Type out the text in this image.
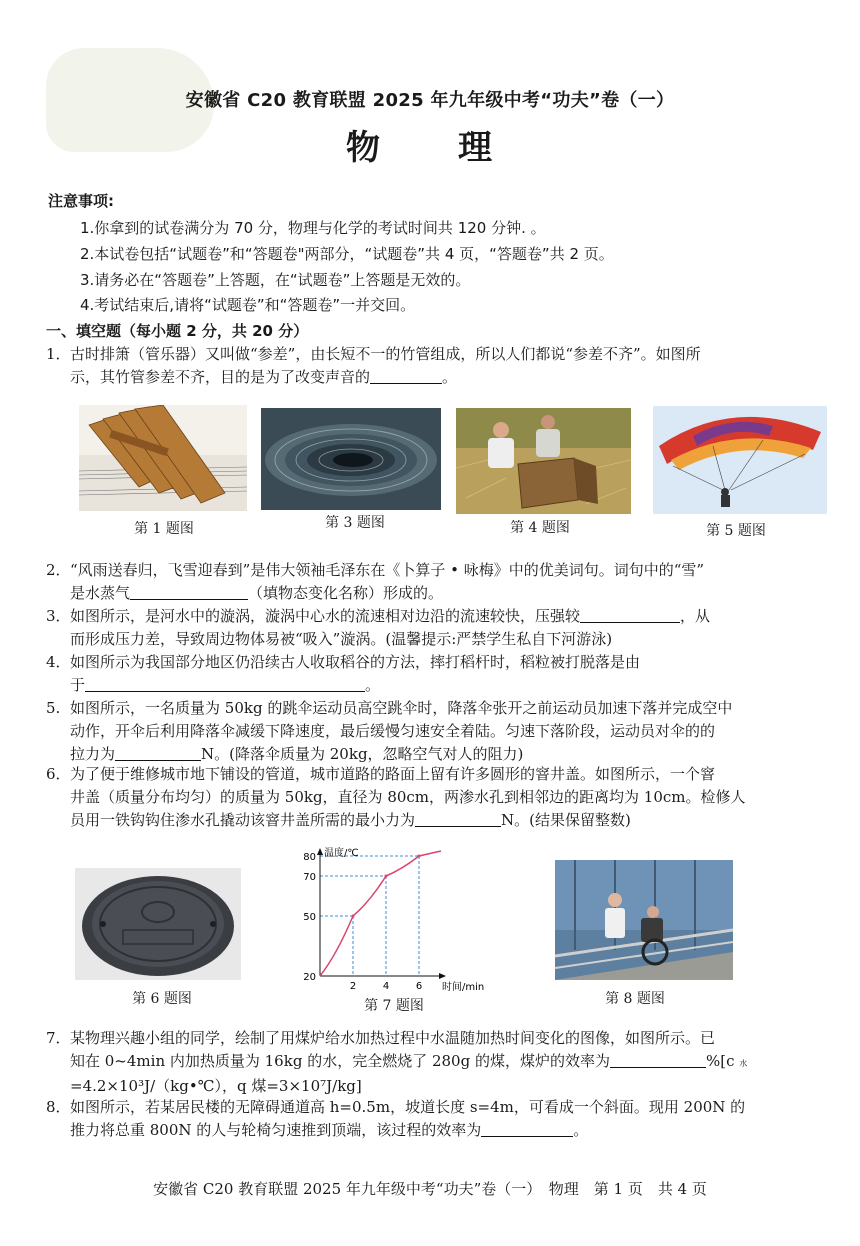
安徽省 C20 教育联盟 2025 年九年级中考“功夫”卷（一）
物　理
注意事项:
1.你拿到的试卷满分为 70 分，物理与化学的考试时间共 120 分钟. 。
2.本试卷包括“试题卷”和“答题卷"两部分，“试题卷”共 4 页，“答题卷”共 2 页。
3.请务必在“答题卷”上答题，在“试题卷”上答题是无效的。
4.考试结束后,请将“试题卷”和“答题卷”一并交回。
一、填空题（每小题 2 分，共 20 分）
1．古时排箫（管乐器）又叫做“参差”，由长短不一的竹管组成，所以人们都说“参差不齐”。如图所
示，其竹管参差不齐，目的是为了改变声音的	。
第 1 题图	第 3 题图	第 4 题图	第 5 题图
2．“风雨送春归，飞雪迎春到”是伟大领袖毛泽东在《卜算子 • 咏梅》中的优美词句。词句中的“雪”
是水蒸气	（填物态变化名称）形成的。
3．如图所示，是河水中的漩涡，漩涡中心水的流速相对边沿的流速较快，压强较	，从
而形成压力差，导致周边物体易被“吸入”漩涡。(温馨提示:严禁学生私自下河游泳)
4．如图所示为我国部分地区仍沿续古人收取稻谷的方法，摔打稻杆时，稻粒被打脱落是由
于	。
5. 如图所示，一名质量为 50kg 的跳伞运动员高空跳伞时，降落伞张开之前运动员加速下落并完成空中
动作，开伞后利用降落伞减缓下降速度，最后缓慢匀速安全着陆。匀速下落阶段，运动员对伞的的
拉力为	N。(降落伞质量为 20kg，忽略空气对人的阻力)
6．为了便于维修城市地下铺设的管道，城市道路的路面上留有许多圆形的窨井盖。如图所示，一个窨
井盖（质量分布均匀）的质量为 50kg，直径为 80cm，两渗水孔到相邻边的距离均为 10cm。检修人
员用一铁钩钩住渗水孔撬动该窨井盖所需的最小力为	N。(结果保留整数)
温度/℃
时间/min
20
50
70
80
2	4	6
第 6 题图	第 7 题图	第 8 题图
7．某物理兴趣小组的同学，绘制了用煤炉给水加热过程中水温随加热时间变化的图像，如图所示。已
知在 0~4min 内加热质量为 16kg 的水，完全燃烧了 280g 的煤，煤炉的效率为	%[c 水
=4.2×10³J/（kg•℃），q 煤=3×10⁷J/kg]
8．如图所示，若某居民楼的无障碍通道高 h=0.5m，坡道长度 s=4m，可看成一个斜面。现用 200N 的
推力将总重 800N 的人与轮椅匀速推到顶端，该过程的效率为	。
安徽省 C20 教育联盟 2025 年九年级中考“功夫”卷（一）　物理　第 1 页　共 4 页
